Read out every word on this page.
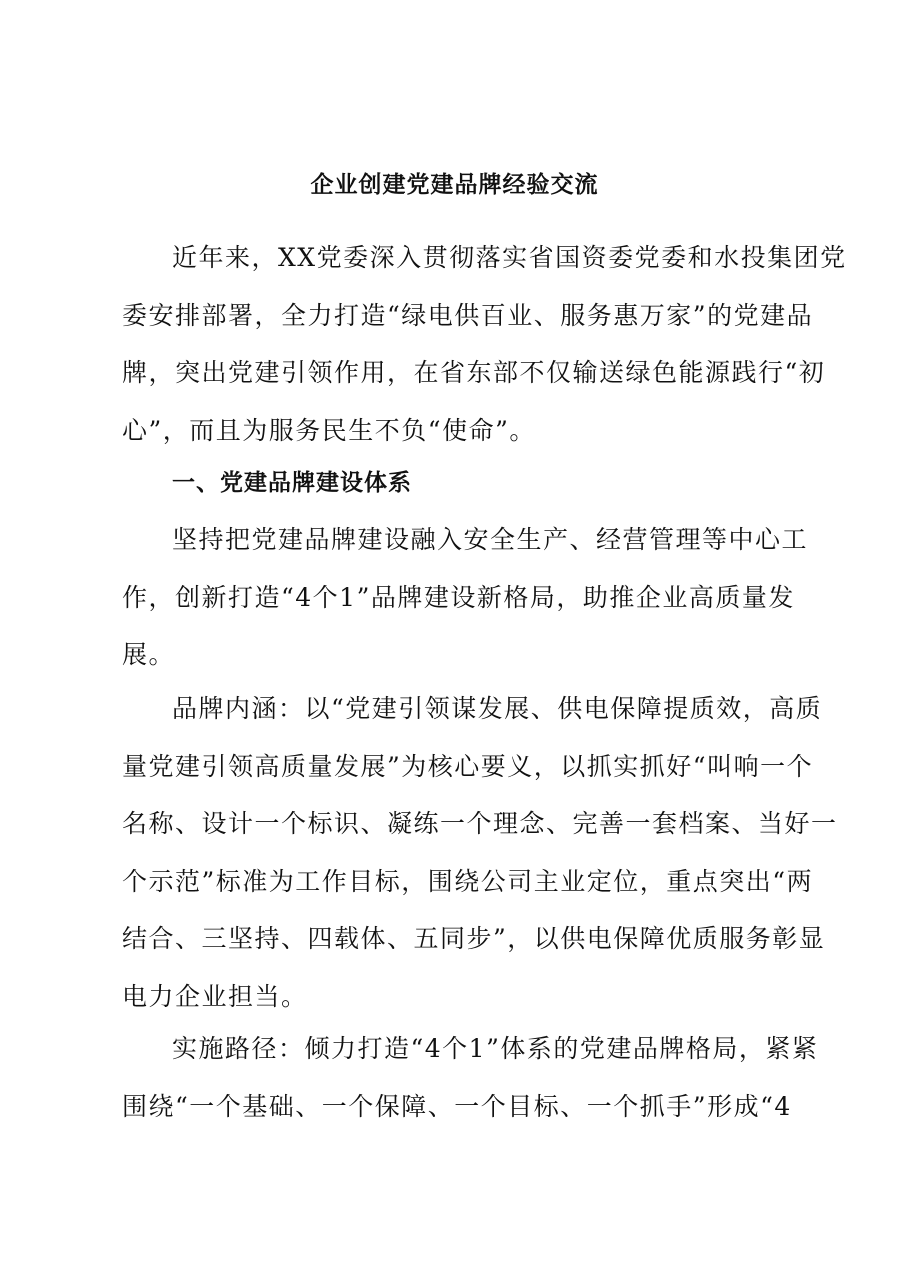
企业创建党建品牌经验交流

近年来，XX党委深入贯彻落实省国资委党委和水投集团党
委安排部署，全力打造“绿电供百业、服务惠万家”的党建品
牌，突出党建引领作用，在省东部不仅输送绿色能源践行“初
心”，而且为服务民生不负“使命”。

一、党建品牌建设体系

坚持把党建品牌建设融入安全生产、经营管理等中心工
作，创新打造“4个1”品牌建设新格局，助推企业高质量发
展。

品牌内涵：以“党建引领谋发展、供电保障提质效，高质
量党建引领高质量发展”为核心要义，以抓实抓好“叫响一个
名称、设计一个标识、凝练一个理念、完善一套档案、当好一
个示范”标准为工作目标，围绕公司主业定位，重点突出“两
结合、三坚持、四载体、五同步”，以供电保障优质服务彰显
电力企业担当。

实施路径：倾力打造“4个1”体系的党建品牌格局，紧紧
围绕“一个基础、一个保障、一个目标、一个抓手”形成“4
